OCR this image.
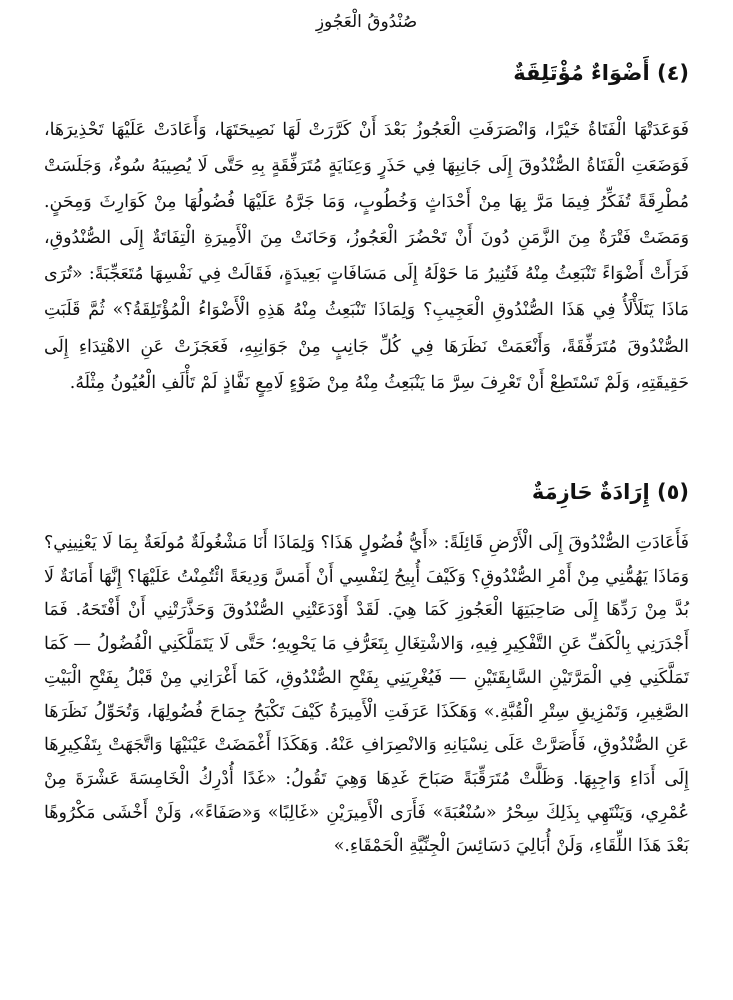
صُنْدُوقُ الْعَجُوزِ
(٤) أَضْوَاءٌ مُؤْتَلِقَةٌ

فَوَعَدَتْهَا الْفَتَاةُ خَيْرًا، وَانْصَرَفَتِ الْعَجُوزُ بَعْدَ أَنْ كَرَّرَتْ لَهَا نَصِيحَتَهَا، وَأَعَادَتْ عَلَيْهَا تَحْذِيرَهَا، فَوَضَعَتِ الْفَتَاةُ الصُّنْدُوقَ إِلَى جَانِبِهَا فِي حَذَرٍ وَعِنَايَةٍ مُتَرَفِّقَةٍ بِهِ حَتَّى لَا يُصِيبَهُ سُوءٌ، وَجَلَسَتْ مُطْرِقَةً تُفَكِّرُ فِيمَا مَرَّ بِهَا مِنْ أَحْدَاثٍ وَخُطُوبٍ، وَمَا جَرَّهُ عَلَيْهَا فُضُولُهَا مِنْ كَوَارِثَ وَمِحَنٍ. وَمَضَتْ فَتْرَةٌ مِنَ الزَّمَنِ دُونَ أَنْ تَحْضُرَ الْعَجُوزُ، وَحَانَتْ مِنَ الْأَمِيرَةِ الْتِفَاتَةٌ إِلَى الصُّنْدُوقِ، فَرَأَتْ أَضْوَاءً تَنْبَعِثُ مِنْهُ فَتُنِيرُ مَا حَوْلَهُ إِلَى مَسَافَاتٍ بَعِيدَةٍ، فَقَالَتْ فِي نَفْسِهَا مُتَعَجِّبَةً: «تُرَى مَاذَا يَتَلَأْلَأُ فِي هَذَا الصُّنْدُوقِ الْعَجِيبِ؟ وَلِمَاذَا تَنْبَعِثُ مِنْهُ هَذِهِ الْأَضْوَاءُ الْمُؤْتَلِقَةُ؟» ثُمَّ قَلَبَتِ الصُّنْدُوقَ مُتَرَفِّقَةً، وَأَنْعَمَتْ نَظَرَهَا فِي كُلِّ جَانِبٍ مِنْ جَوَانِبِهِ، فَعَجَزَتْ عَنِ الاهْتِدَاءِ إِلَى حَقِيقَتِهِ، وَلَمْ تَسْتَطِعْ أَنْ تَعْرِفَ سِرَّ مَا يَنْبَعِثُ مِنْهُ مِنْ ضَوْءٍ لَامِعٍ نَفَّاذٍ لَمْ تَأْلَفِ الْعُيُونُ مِثْلَهُ.

(٥) إِرَادَةٌ حَازِمَةٌ

فَأَعَادَتِ الصُّنْدُوقَ إِلَى الْأَرْضِ قَائِلَةً: «أَيُّ فُضُولٍ هَذَا؟ وَلِمَاذَا أَنَا مَشْغُولَةٌ مُولَعَةٌ بِمَا لَا يَعْنِينِي؟ وَمَاذَا يَهُمُّنِي مِنْ أَمْرِ الصُّنْدُوقِ؟ وَكَيْفَ أُبِيحُ لِنَفْسِي أَنْ أَمَسَّ وَدِيعَةً ائْتُمِنْتُ عَلَيْهَا؟ إِنَّهَا أَمَانَةٌ لَا بُدَّ مِنْ رَدِّهَا إِلَى صَاحِبَتِهَا الْعَجُوزِ كَمَا هِيَ. لَقَدْ أَوْدَعَتْنِي الصُّنْدُوقَ وَحَذَّرَتْنِي أَنْ أَفْتَحَهُ. فَمَا أَجْدَرَنِي بِالْكَفِّ عَنِ التَّفْكِيرِ فِيهِ، وَالاشْتِغَالِ بِتَعَرُّفِ مَا يَحْوِيهِ؛ حَتَّى لَا يَتَمَلَّكَنِي الْفُضُولُ — كَمَا تَمَلَّكَنِي فِي الْمَرَّتَيْنِ السَّابِقَتَيْنِ — فَيُغْرِيَنِي بِفَتْحِ الصُّنْدُوقِ، كَمَا أَغْرَانِي مِنْ قَبْلُ بِفَتْحِ الْبَيْتِ الصَّغِيرِ، وَتَمْزِيقِ سِتْرِ الْقُبَّةِ.» وَهَكَذَا عَرَفَتِ الْأَمِيرَةُ كَيْفَ تَكْبَحُ جِمَاحَ فُضُولِهَا، وَتُحَوِّلُ نَظَرَهَا عَنِ الصُّنْدُوقِ، فَأَصَرَّتْ عَلَى نِسْيَانِهِ وَالانْصِرَافِ عَنْهُ. وَهَكَذَا أَغْمَضَتْ عَيْنَيْهَا وَاتَّجَهَتْ بِتَفْكِيرِهَا إِلَى أَدَاءِ وَاجِبِهَا. وَظَلَّتْ مُتَرَقِّبَةً صَبَاحَ غَدِهَا وَهِيَ تَقُولُ: «غَدًا أُدْرِكُ الْخَامِسَةَ عَشْرَةَ مِنْ عُمْرِي، وَيَنْتَهِي بِذَلِكَ سِحْرُ «سُنْعُبَةَ» فَأَرَى الْأَمِيرَيْنِ «غَالِبًا» وَ«صَفَاءً»، وَلَنْ أَخْشَى مَكْرُوهًا بَعْدَ هَذَا اللِّقَاءِ، وَلَنْ أُبَالِيَ دَسَائِسَ الْجِنِّيَّةِ الْحَمْقَاءِ.»
